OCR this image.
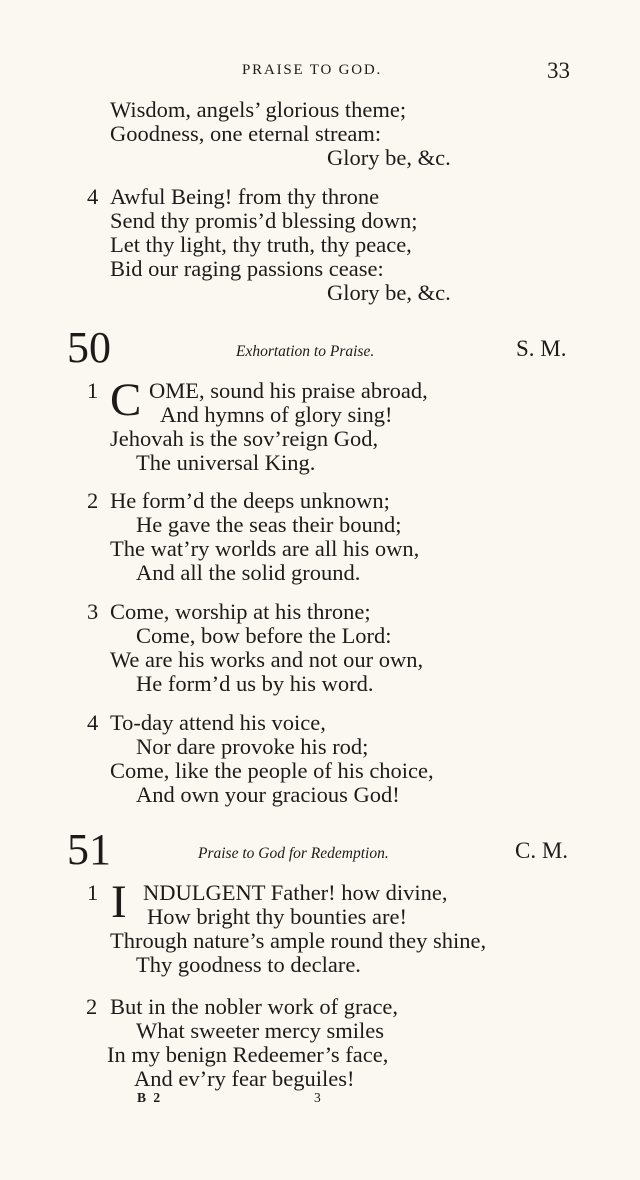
PRAISE TO GOD.	33
Wisdom, angels’ glorious theme;
Goodness, one eternal stream:
Glory be, &c.
4 Awful Being! from thy throne
Send thy promis’d blessing down;
Let thy light, thy truth, thy peace,
Bid our raging passions cease:
Glory be, &c.
50	Exhortation to Praise.	S. M.
1 C OME, sound his praise abroad,
And hymns of glory sing!
Jehovah is the sov’reign God,
The universal King.
2 He form’d the deeps unknown;
He gave the seas their bound;
The wat’ry worlds are all his own,
And all the solid ground.
3 Come, worship at his throne;
Come, bow before the Lord:
We are his works and not our own,
He form’d us by his word.
4 To-day attend his voice,
Nor dare provoke his rod;
Come, like the people of his choice,
And own your gracious God!
51	Praise to God for Redemption.	C. M.
1 I NDULGENT Father! how divine,
How bright thy bounties are!
Through nature’s ample round they shine,
Thy goodness to declare.
2 But in the nobler work of grace,
What sweeter mercy smiles
In my benign Redeemer’s face,
And ev’ry fear beguiles!
B 2	3
